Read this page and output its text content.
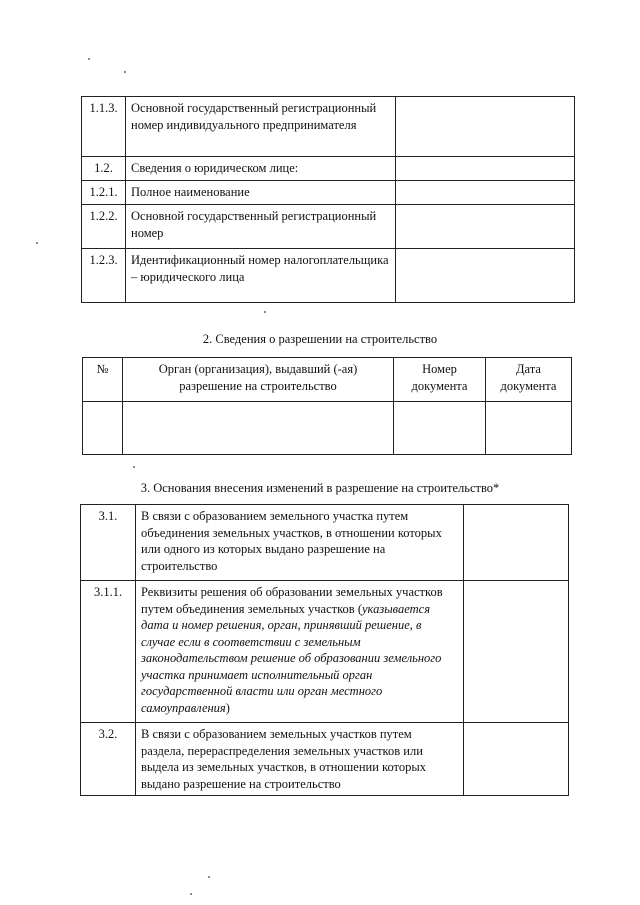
1.1.3.	Основной государственный регистрационный номер индивидуального предпринимателя	
1.2.	Сведения о юридическом лице:	
1.2.1.	Полное наименование	
1.2.2.	Основной государственный регистрационный номер	
1.2.3.	Идентификационный номер налогоплательщика – юридического лица	
2. Сведения о разрешении на строительство
№	Орган (организация), выдавший (-ая) разрешение на строительство	Номер документа	Дата документа

3. Основания внесения изменений в разрешение на строительство*
3.1.	В связи с образованием земельного участка путем объединения земельных участков, в отношении которых или одного из которых выдано разрешение на строительство	
3.1.1.	Реквизиты решения об образовании земельных участков путем объединения земельных участков (указывается дата и номер решения, орган, принявший решение, в случае если в соответствии с земельным законодательством решение об образовании земельного участка принимает исполнительный орган государственной власти или орган местного самоуправления)	
3.2.	В связи с образованием земельных участков путем раздела, перераспределения земельных участков или выдела из земельных участков, в отношении которых выдано разрешение на строительство	
